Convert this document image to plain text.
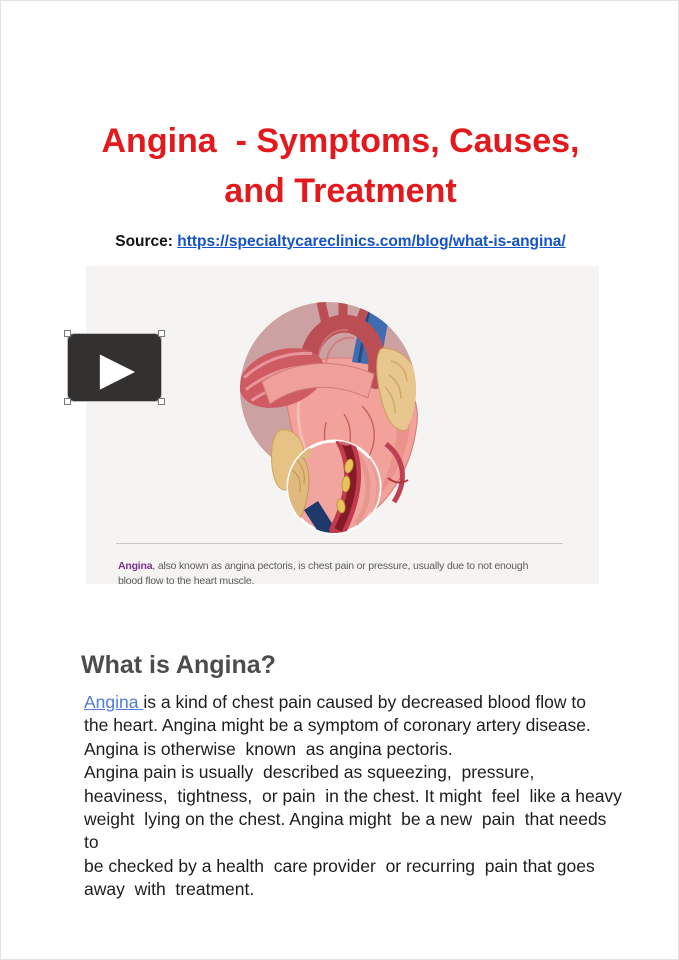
Angina  - Symptoms, Causes,
and Treatment

Source: https://specialtycareclinics.com/blog/what-is-angina/

Angina, also known as angina pectoris, is chest pain or pressure, usually due to not enough blood flow to the heart muscle.

▶
What is Angina?
Angina is a kind of chest pain caused by decreased blood flow to
the heart. Angina might be a symptom of coronary artery disease.
Angina is otherwise  known  as angina pectoris.
Angina pain is usually  described as squeezing,  pressure,
heaviness,  tightness,  or pain  in the chest. It might  feel  like a heavy
weight  lying on the chest. Angina might  be a new  pain  that needs to
be checked by a health  care provider  or recurring  pain that goes
away  with  treatment.
